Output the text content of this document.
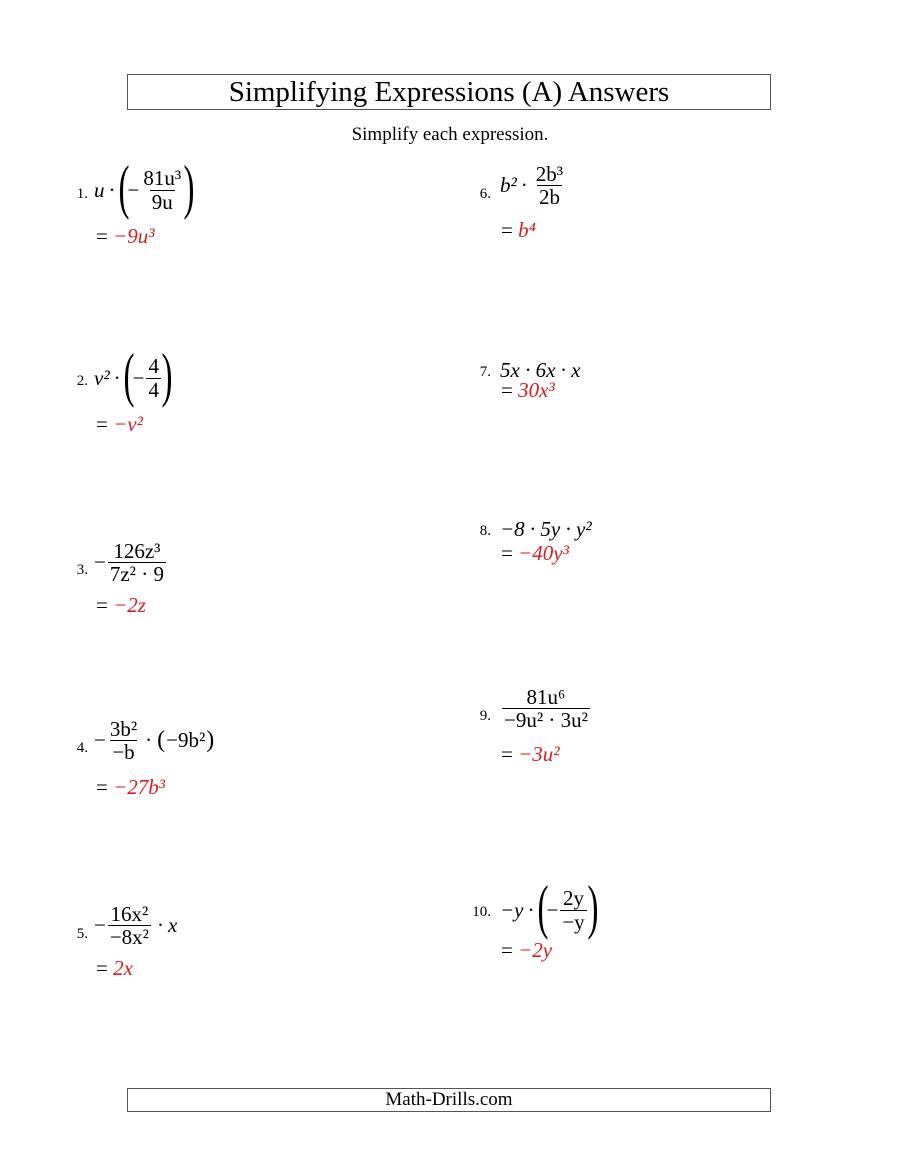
Simplifying Expressions (A) Answers
Simplify each expression.
1. u · (
− $\frac{\text{81u³}}{9u}$ )
= −9u³
2. v² · (
− $\frac{4}{4}$ )
= −v²
3. − $\frac{\text{126z³}}{\text{7z² · 9}}$
= −2z
4. − $\frac{\text{3b²}}{-b}$ · ( −9b² )
= −27b³
5. − $\frac{\text{16x²}}{\text{−8x²}} \cdot x$
= 2x
6. $b^2 \cdot \frac{\text{2b³}}{2b}$
= b⁴
7. 5x · 6x · x
= 30x³
8. −8 · 5y · y²
= −40y³
9. $\frac{\text{81u⁶}}{\text{−9u² · 3u²}}$
= −3u²
10. −y · (
− $\frac{2y}{-y}$ )
= −2y
Math-Drills.com
